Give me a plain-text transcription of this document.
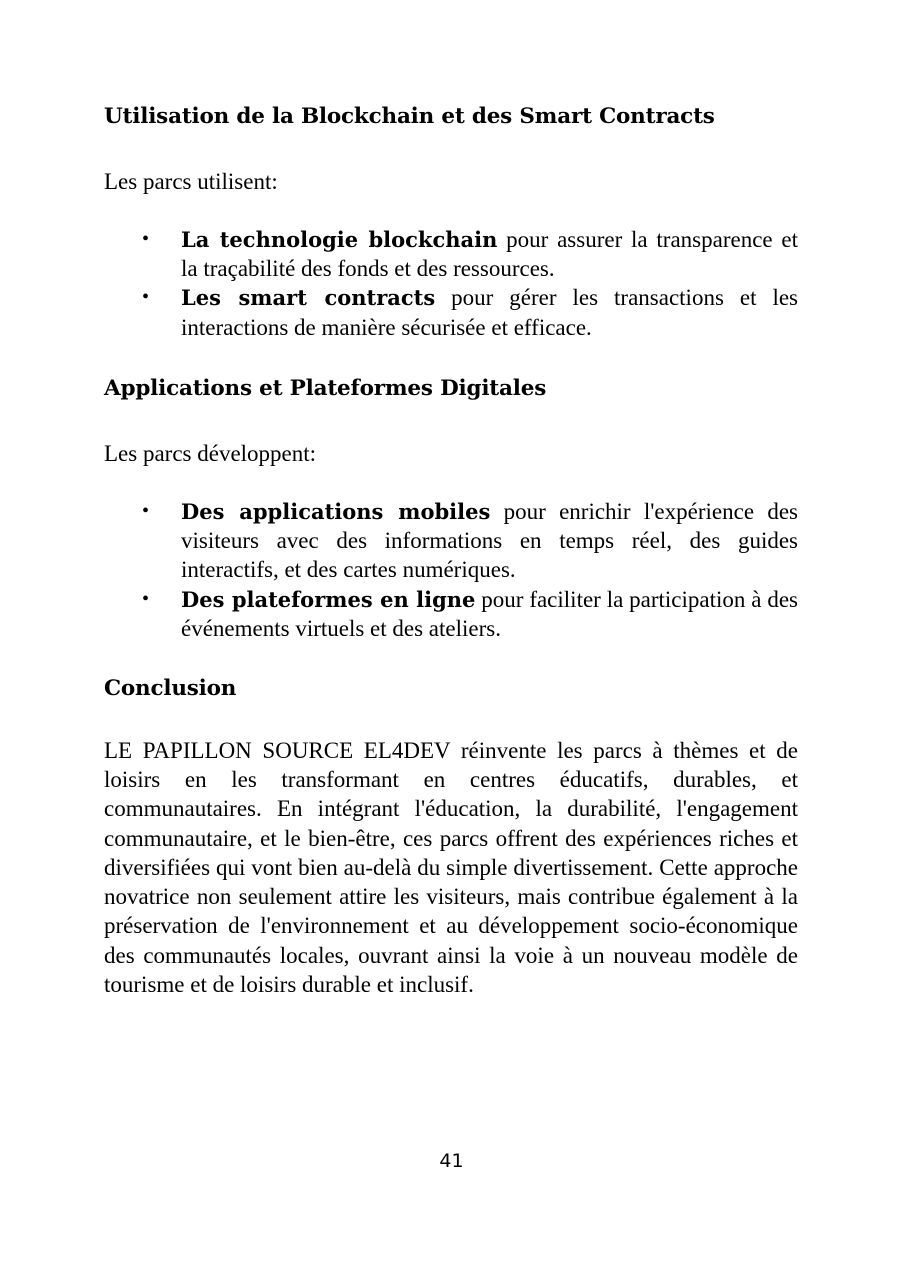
Utilisation de la Blockchain et des Smart Contracts

Les parcs utilisent:

• La technologie blockchain pour assurer la transparence et la traçabilité des fonds et des ressources.
• Les smart contracts pour gérer les transactions et les interactions de manière sécurisée et efficace.
Applications et Plateformes Digitales

Les parcs développent:

• Des applications mobiles pour enrichir l'expérience des visiteurs avec des informations en temps réel, des guides interactifs, et des cartes numériques.
• Des plateformes en ligne pour faciliter la participation à des événements virtuels et des ateliers.
Conclusion

LE PAPILLON SOURCE EL4DEV réinvente les parcs à thèmes et de loisirs en les transformant en centres éducatifs, durables, et communautaires. En intégrant l'éducation, la durabilité, l'engagement communautaire, et le bien-être, ces parcs offrent des expériences riches et diversifiées qui vont bien au-delà du simple divertissement. Cette approche novatrice non seulement attire les visiteurs, mais contribue également à la préservation de l'environnement et au développement socio-économique des communautés locales, ouvrant ainsi la voie à un nouveau modèle de tourisme et de loisirs durable et inclusif.

41
